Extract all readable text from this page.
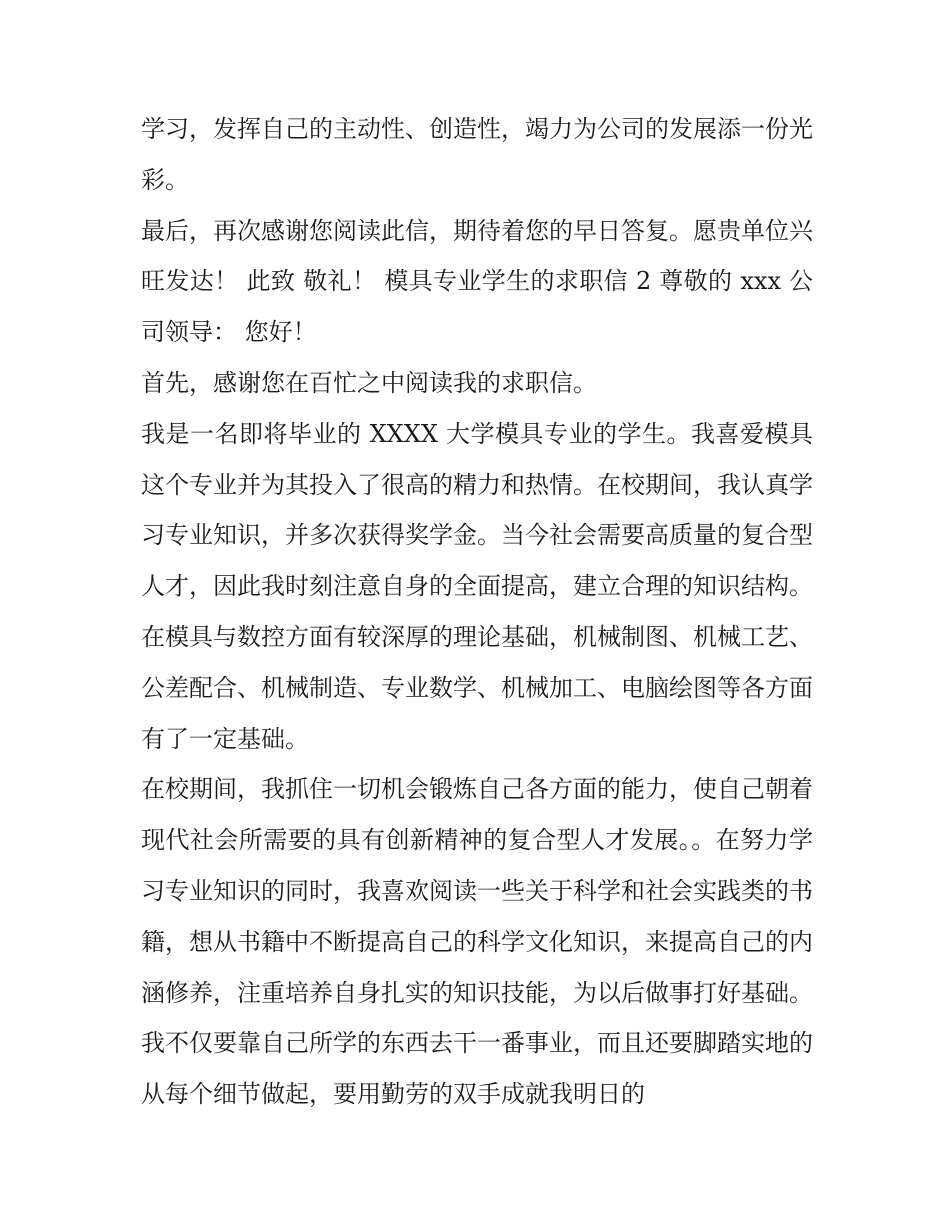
学习，发挥自己的主动性、创造性，竭力为公司的发展添一份光彩。

最后，再次感谢您阅读此信，期待着您的早日答复。愿贵单位兴旺发达！ 此致 敬礼！ 模具专业学生的求职信 2 尊敬的 xxx 公司领导： 您好！

首先，感谢您在百忙之中阅读我的求职信。

我是一名即将毕业的 XXXX 大学模具专业的学生。我喜爱模具这个专业并为其投入了很高的精力和热情。在校期间，我认真学习专业知识，并多次获得奖学金。当今社会需要高质量的复合型人才，因此我时刻注意自身的全面提高，建立合理的知识结构。在模具与数控方面有较深厚的理论基础，机械制图、机械工艺、公差配合、机械制造、专业数学、机械加工、电脑绘图等各方面有了一定基础。

在校期间，我抓住一切机会锻炼自己各方面的能力，使自己朝着现代社会所需要的具有创新精神的复合型人才发展。。在努力学习专业知识的同时，我喜欢阅读一些关于科学和社会实践类的书籍，想从书籍中不断提高自己的科学文化知识，来提高自己的内涵修养，注重培养自身扎实的知识技能，为以后做事打好基础。我不仅要靠自己所学的东西去干一番事业，而且还要脚踏实地的从每个细节做起，要用勤劳的双手成就我明日的
